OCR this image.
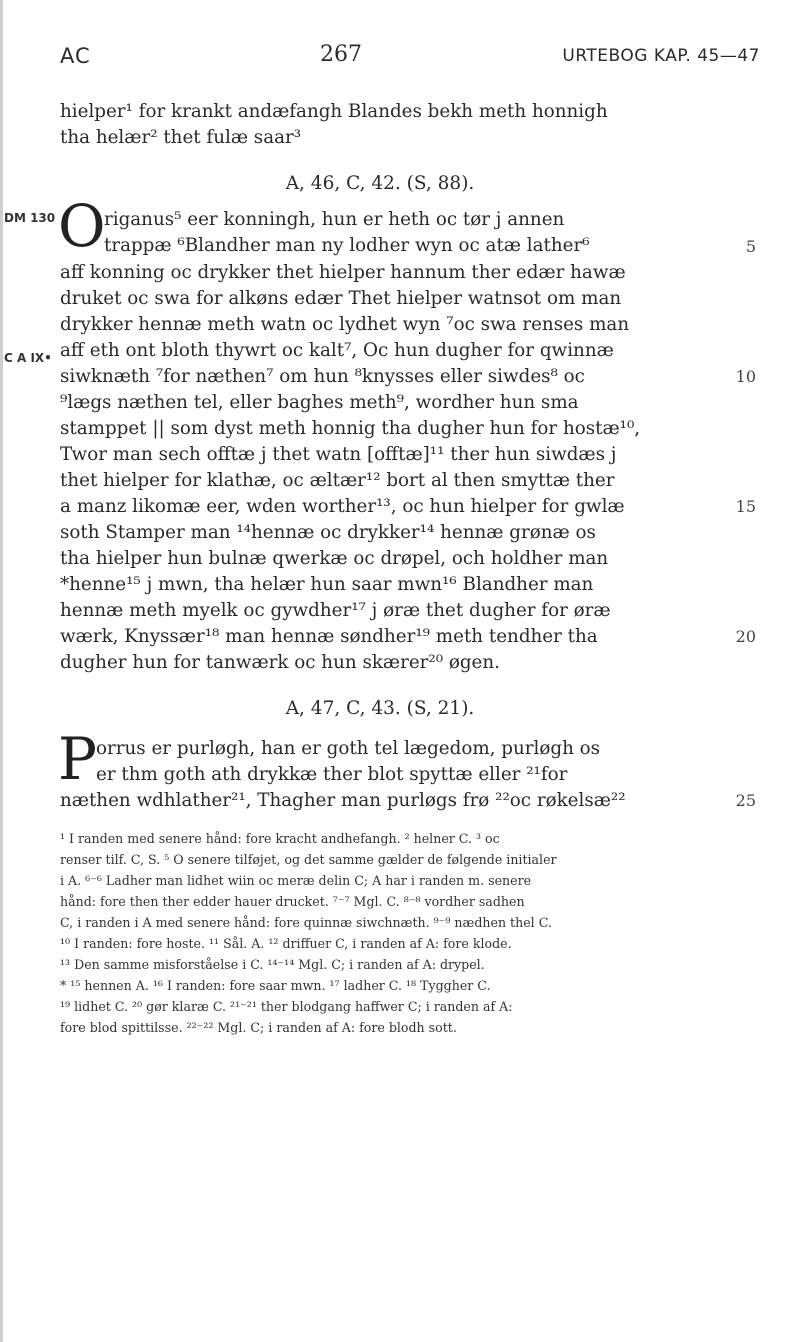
AC	267	URTEBOG KAP. 45—47
hielper¹ for krankt andæfangh Blandes bekh meth honnigh
tha helær² thet fulæ saar³
A, 46, C, 42. (S, 88).
DM 130
C A IX•
O
riganus⁵ eer konningh, hun er heth oc tør j annen
trappæ ⁶Blandher man ny lodher wyn oc atæ lather⁶
aff konning oc drykker thet hielper hannum ther edær hawæ
druket oc swa for alkøns edær Thet hielper watnsot om man
drykker hennæ meth watn oc lydhet wyn ⁷oc swa renses man
aff eth ont bloth thywrt oc kalt⁷, Oc hun dugher for qwinnæ
siwknæth ⁷for næthen⁷ om hun ⁸knysses eller siwdes⁸ oc
⁹lægs næthen tel, eller baghes meth⁹, wordher hun sma
stamppet || som dyst meth honnig tha dugher hun for hostæ¹⁰,
Twor man sech offtæ j thet watn [offtæ]¹¹ ther hun siwdæs j
thet hielper for klathæ, oc æltær¹² bort al then smyttæ ther
a manz likomæ eer, wden worther¹³, oc hun hielper for gwlæ
soth Stamper man ¹⁴hennæ oc drykker¹⁴ hennæ grønæ os
tha hielper hun bulnæ qwerkæ oc drøpel, och holdher man
*henne¹⁵ j mwn, tha helær hun saar mwn¹⁶ Blandher man
hennæ meth myelk oc gywdher¹⁷ j øræ thet dugher for øræ
wærk, Knyssær¹⁸ man hennæ søndher¹⁹ meth tendher tha
dugher hun for tanwærk oc hun skærer²⁰ øgen.
A, 47, C, 43. (S, 21).
P
orrus er purløgh, han er goth tel lægedom, purløgh os
er thm goth ath drykkæ ther blot spyttæ eller ²¹for
næthen wdhlather²¹, Thagher man purløgs frø ²²oc røkelsæ²²
5
10
15
20
25
¹ I randen med senere hånd: fore kracht andhefangh. ² helner C. ³ oc
renser tilf. C, S. ⁵ O senere tilføjet, og det samme gælder de følgende initialer
i A. ⁶⁻⁶ Ladher man lidhet wiin oc meræ delin C; A har i randen m. senere
hånd: fore then ther edder hauer drucket. ⁷⁻⁷ Mgl. C. ⁸⁻⁸ vordher sadhen
C, i randen i A med senere hånd: fore quinnæ siwchnæth. ⁹⁻⁹ nædhen thel C.
¹⁰ I randen: fore hoste. ¹¹ Sål. A. ¹² driffuer C, i randen af A: fore klode.
¹³ Den samme misforståelse i C. ¹⁴⁻¹⁴ Mgl. C; i randen af A: drypel.
* ¹⁵ hennen A. ¹⁶ I randen: fore saar mwn. ¹⁷ ladher C. ¹⁸ Tyggher C.
¹⁹ lidhet C. ²⁰ gør klaræ C. ²¹⁻²¹ ther blodgang haffwer C; i randen af A:
fore blod spittilsse. ²²⁻²² Mgl. C; i randen af A: fore blodh sott.
